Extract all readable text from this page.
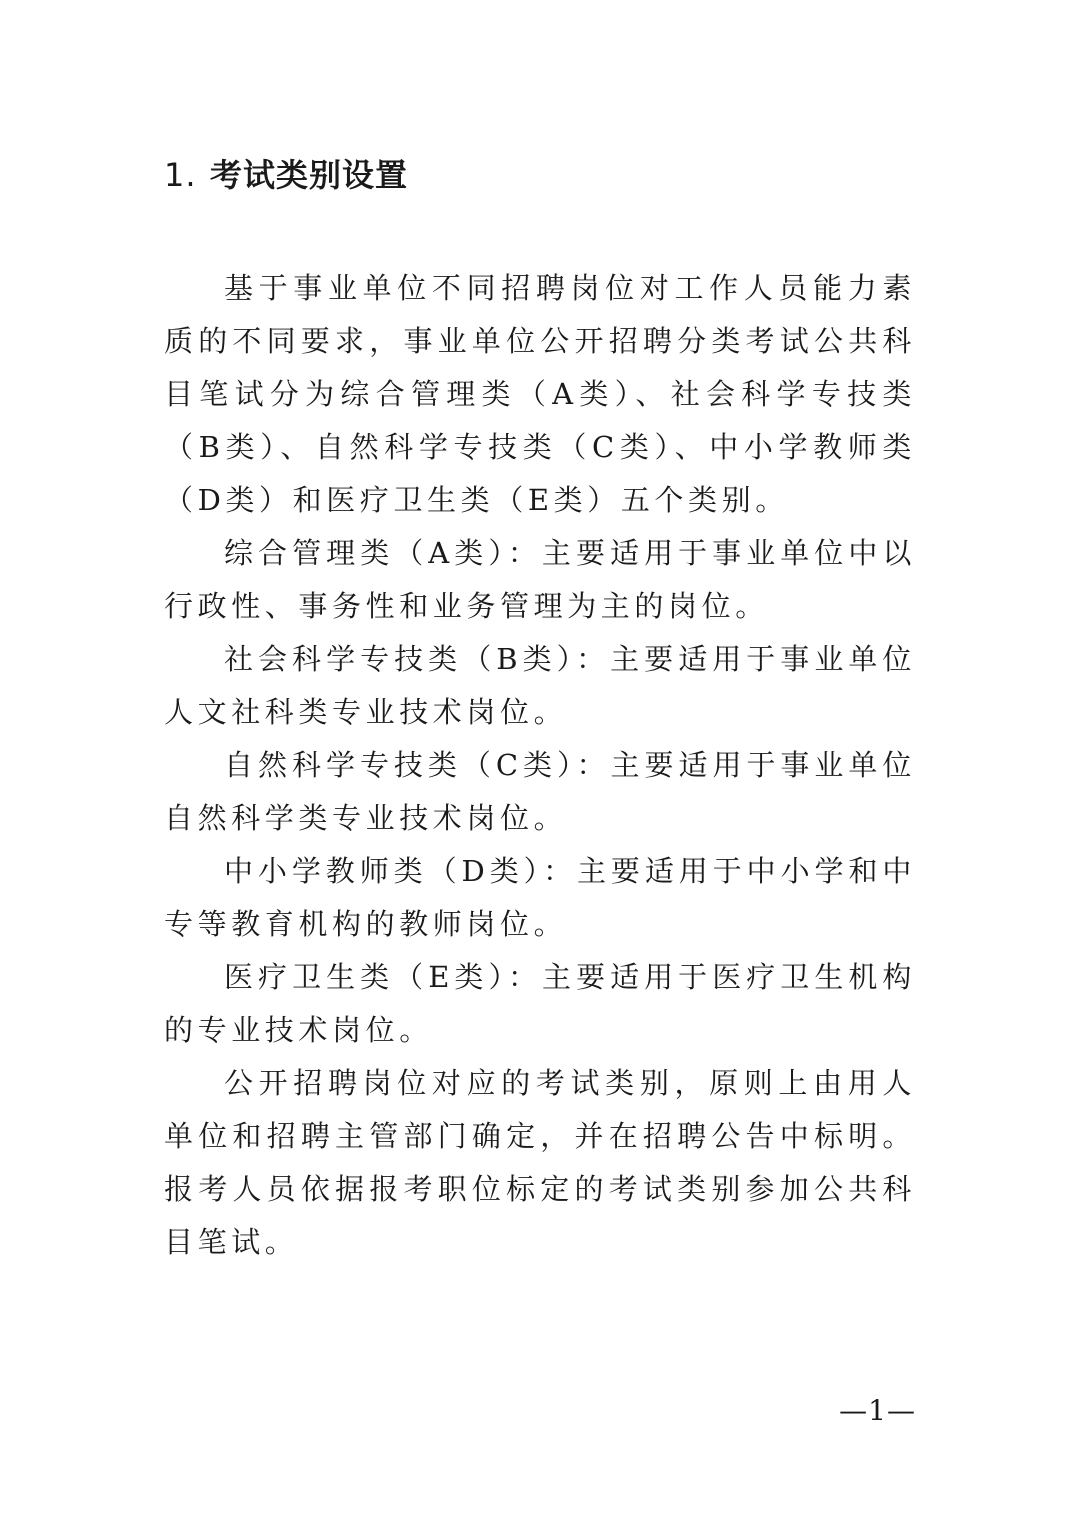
1. 考试类别设置

基于事业单位不同招聘岗位对工作人员能力素质的不同要求，事业单位公开招聘分类考试公共科目笔试分为综合管理类（A类）、社会科学专技类（B类）、自然科学专技类（C类）、中小学教师类（D类）和医疗卫生类（E类）五个类别。

综合管理类（A类）：主要适用于事业单位中以行政性、事务性和业务管理为主的岗位。

社会科学专技类（B类）：主要适用于事业单位人文社科类专业技术岗位。

自然科学专技类（C类）：主要适用于事业单位自然科学类专业技术岗位。

中小学教师类（D类）：主要适用于中小学和中专等教育机构的教师岗位。

医疗卫生类（E类）：主要适用于医疗卫生机构的专业技术岗位。

公开招聘岗位对应的考试类别，原则上由用人单位和招聘主管部门确定，并在招聘公告中标明。报考人员依据报考职位标定的考试类别参加公共科目笔试。

—1—
